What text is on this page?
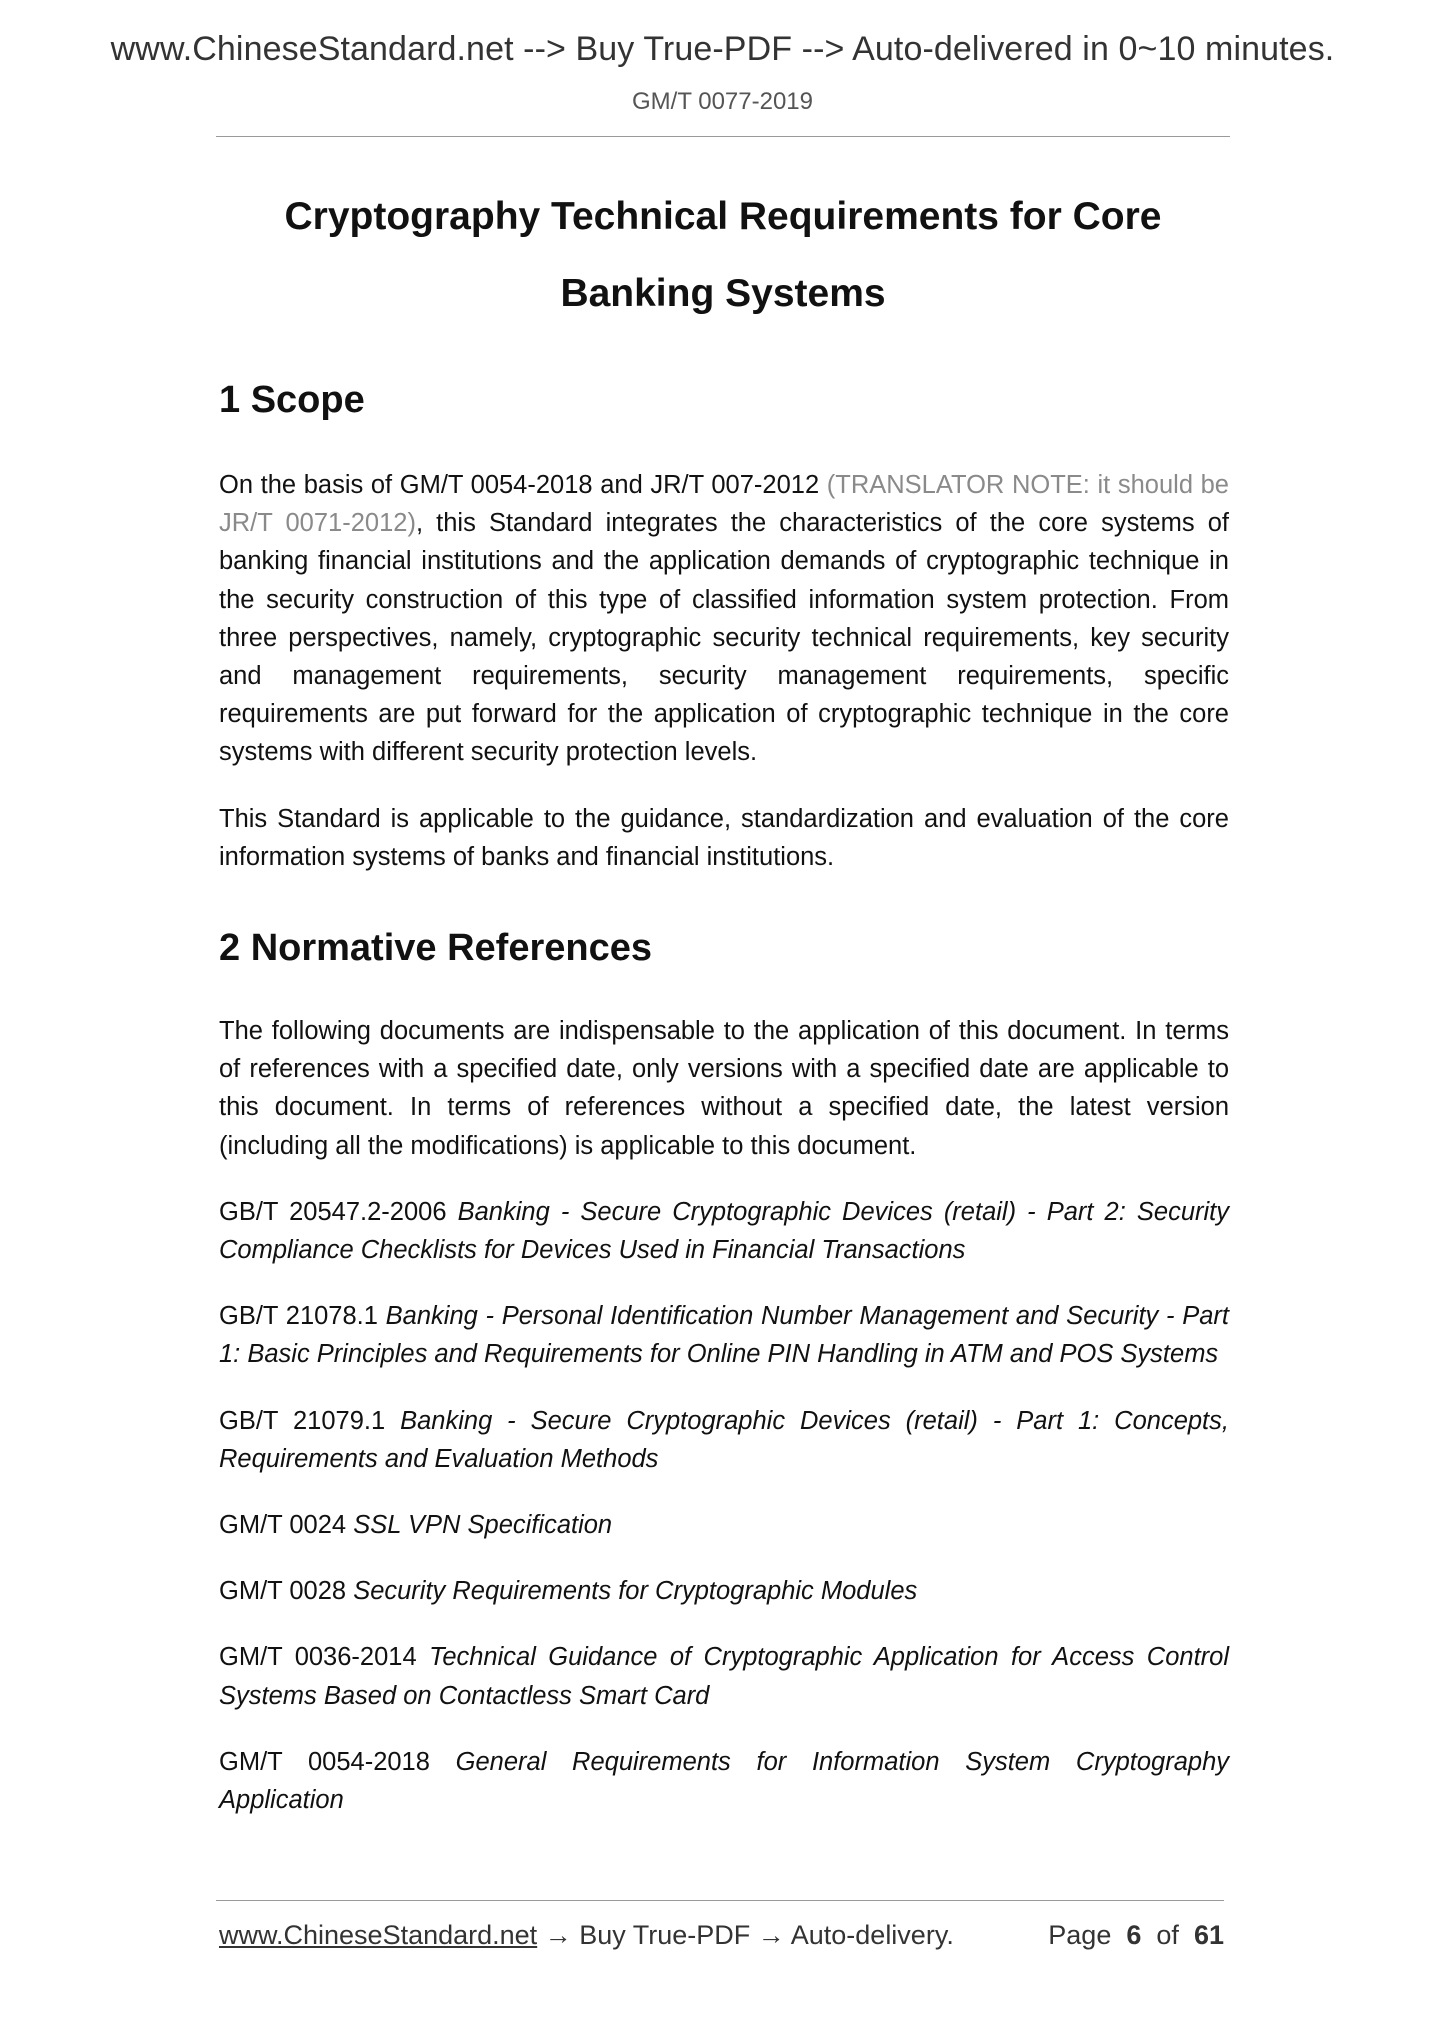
www.ChineseStandard.net --> Buy True-PDF --> Auto-delivered in 0~10 minutes.
GM/T 0077-2019
Cryptography Technical Requirements for Core
Banking Systems
1 Scope

On the basis of GM/T 0054-2018 and JR/T 007-2012 (TRANSLATOR NOTE: it should be JR/T 0071-2012), this Standard integrates the characteristics of the core systems of banking financial institutions and the application demands of cryptographic technique in the security construction of this type of classified information system protection. From three perspectives, namely, cryptographic security technical requirements, key security and management requirements, security management requirements, specific requirements are put forward for the application of cryptographic technique in the core systems with different security protection levels.

This Standard is applicable to the guidance, standardization and evaluation of the core information systems of banks and financial institutions.

2 Normative References

The following documents are indispensable to the application of this document. In terms of references with a specified date, only versions with a specified date are applicable to this document. In terms of references without a specified date, the latest version (including all the modifications) is applicable to this document.

GB/T 20547.2-2006 Banking - Secure Cryptographic Devices (retail) - Part 2: Security Compliance Checklists for Devices Used in Financial Transactions

GB/T 21078.1 Banking - Personal Identification Number Management and Security - Part 1: Basic Principles and Requirements for Online PIN Handling in ATM and POS Systems

GB/T 21079.1 Banking - Secure Cryptographic Devices (retail) - Part 1: Concepts, Requirements and Evaluation Methods

GM/T 0024 SSL VPN Specification

GM/T 0028 Security Requirements for Cryptographic Modules

GM/T 0036-2014 Technical Guidance of Cryptographic Application for Access Control Systems Based on Contactless Smart Card

GM/T 0054-2018 General Requirements for Information System Cryptography Application

www.ChineseStandard.net → Buy True-PDF → Auto-delivery.	Page 6 of 61
